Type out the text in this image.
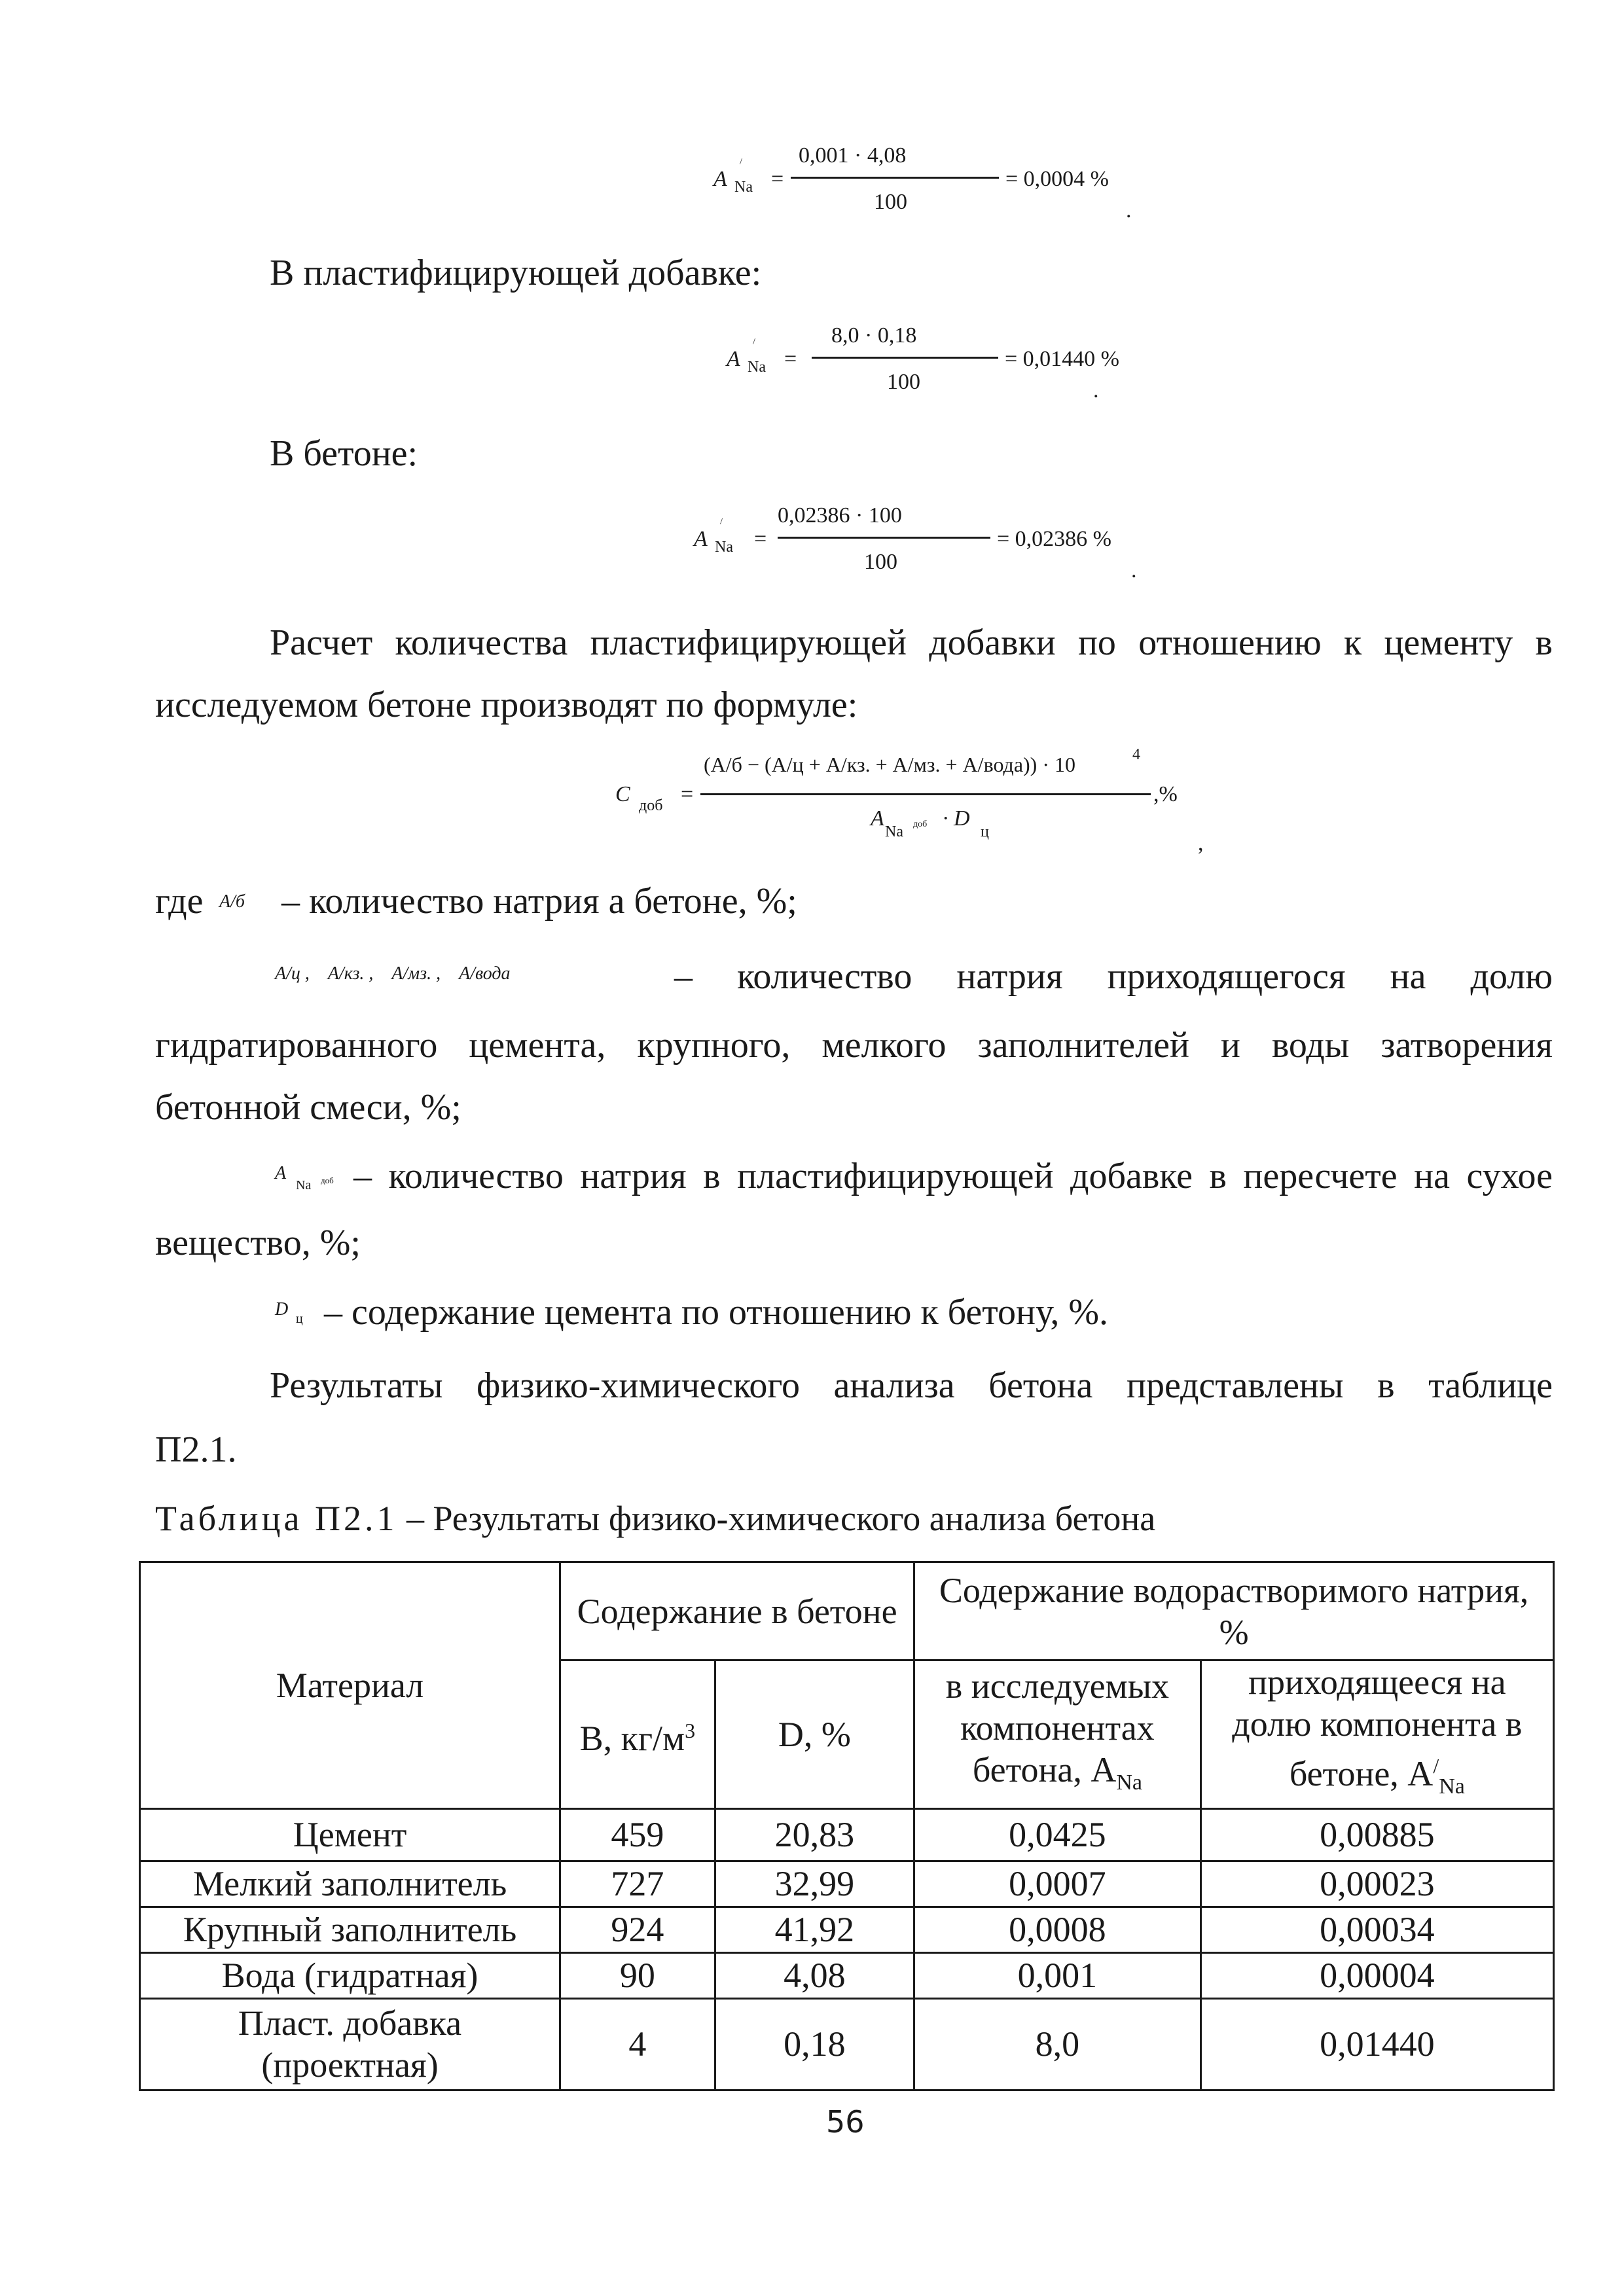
A
/
Na =
0,001 · 4,08
100
= 0,0004 %
.
В пластифицирующей добавке:
A
/
Na =
8,0 · 0,18
100
= 0,01440 %
.
В бетоне:
A
/
Na =
0,02386 · 100
100
= 0,02386 %
.
Расчет количества пластифицирующей добавки по отношению к цементу в
исследуемом бетоне производят по формуле:
C доб =
(A/б − (A/ц + A/кз. + A/мз. + A/вода)) · 10	4
A
Na доб · D
ц
,%
,
где A/б – количество натрия а бетоне, %;
A/ц ,    A/кз. ,    A/мз. ,    A/вода	– количество натрия приходящегося на долю
гидратированного цемента, крупного, мелкого заполнителей и воды затворения
бетонной смеси, %;
A
Na доб – количество натрия в пластифицирующей добавке в пересчете на сухое
вещество, %;
D ц – содержание цемента по отношению к бетону, %.
Результаты физико-химического анализа бетона представлены в таблице
П2.1.
Таблица П2.1 – Результаты физико-химического анализа бетона
Материал	Содержание в бетоне		Содержание водорастворимого натрия, %	
	B, $кг/м^3$	D, %	в исследуемых компонентах бетона, $A_{Na}$	приходящееся на долю компонента в бетоне, $A^/_{Na}$
Цемент	459	20,83	0,0425	0,00885
Мелкий заполнитель	727	32,99	0,0007	0,00023
Крупный заполнитель	924	41,92	0,0008	0,00034
Вода (гидратная)	90	4,08	0,001	0,00004
Пласт. добавка (проектная)	4	0,18	8,0	0,01440
56
